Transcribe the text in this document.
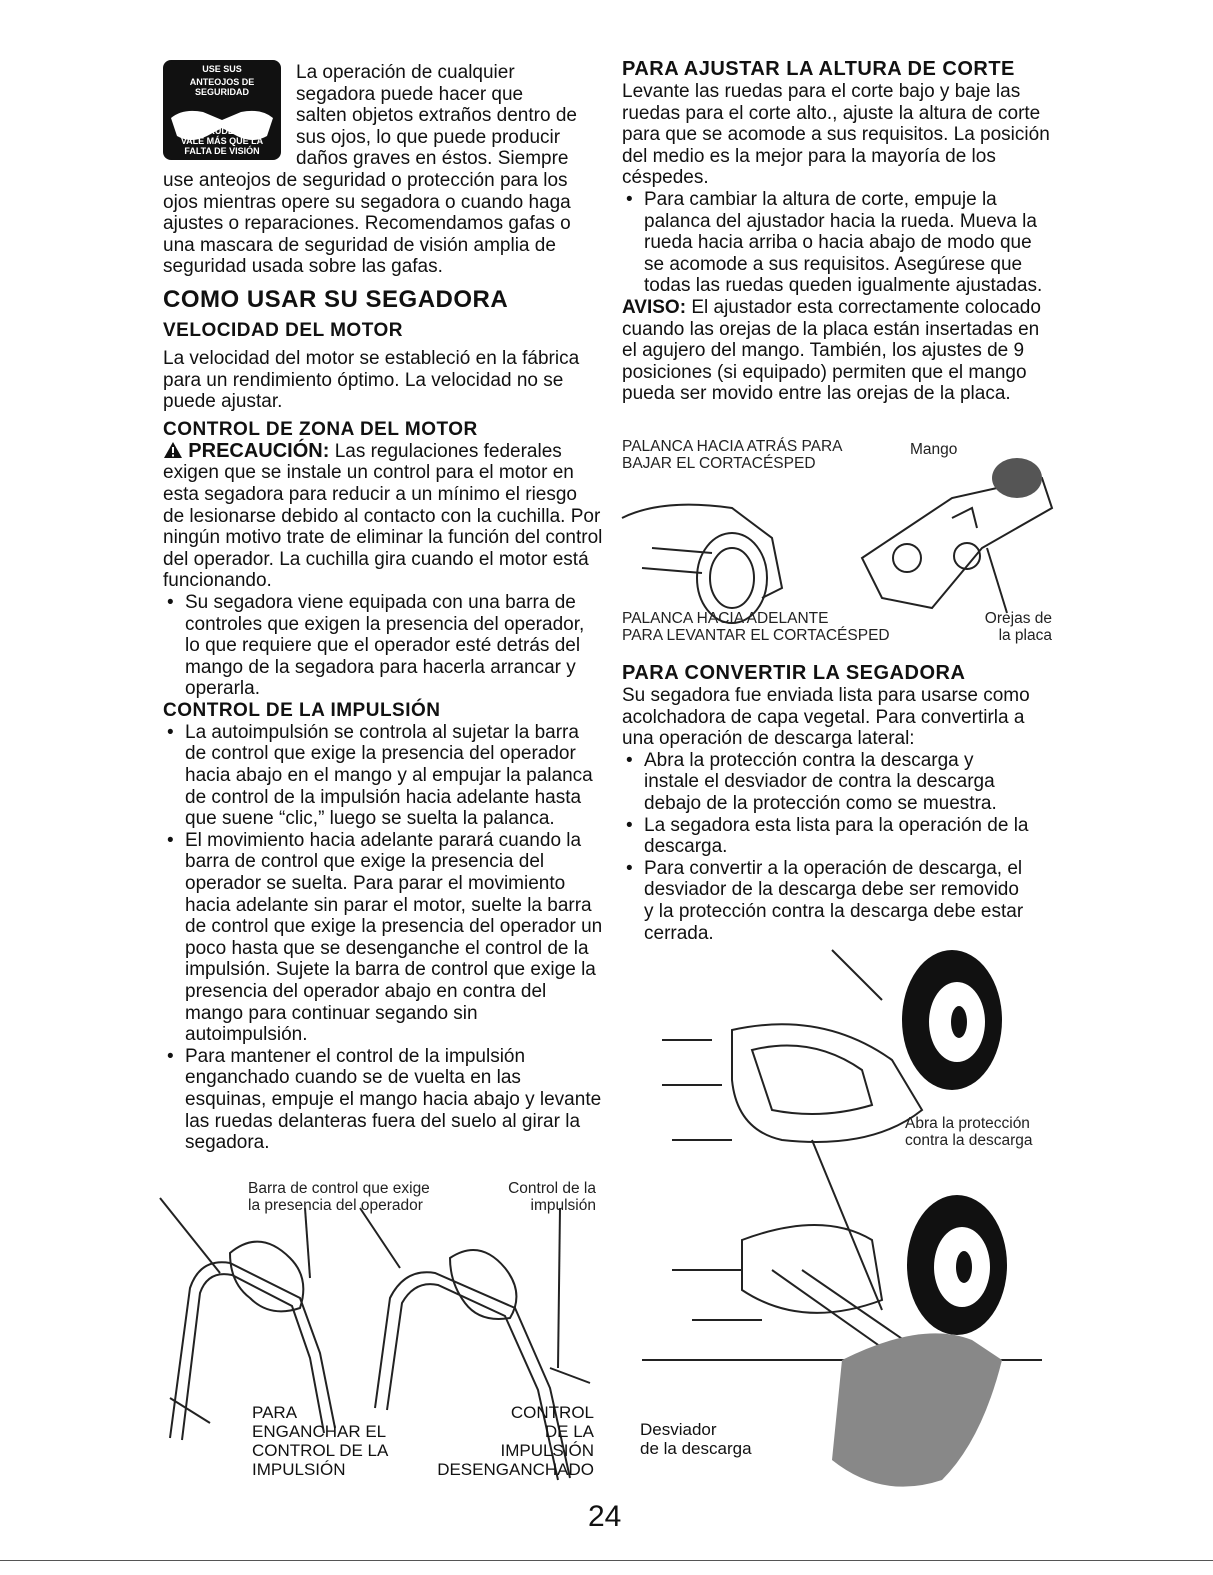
USE SUS
ANTEOJOS DE
SEGURIDAD
LA PRUDENCIA
VALE MÁS QUE LA
FALTA DE VISIÓN
La operación de cualquier
segadora puede hacer que
salten objetos extraños dentro de
sus ojos, lo que puede producir
daños graves en éstos. Siempre

use anteojos de seguridad o protección para los ojos mientras opere su segadora o cuando haga ajustes o reparaciones. Recomendamos gafas o una mascara de seguridad de visión amplia de seguridad usada sobre las gafas.

COMO USAR SU SEGADORA
VELOCIDAD DEL MOTOR

La velocidad del motor se estableció en la fábrica para un rendimiento óptimo. La velocidad no se puede ajustar.

CONTROL DE ZONA DEL MOTOR

PRECAUCIÓN: Las regulaciones federales exigen que se instale un control para el motor en esta segadora para reducir a un mínimo el riesgo de lesionarse debido al contacto con la cuchilla. Por ningún motivo trate de eliminar la función del control del operador. La cuchilla gira cuando el motor está funcionando.

• Su segadora viene equipada con una barra de controles que exigen la presencia del operador, lo que requiere que el operador esté detrás del mango de la segadora para hacerla arrancar y operarla.
CONTROL DE LA IMPULSIÓN
• La autoimpulsión se controla al sujetar la barra de control que exige la presencia del operador hacia abajo en el mango y al empujar la palanca de control de la impulsión hacia adelante hasta que suene “clic,” luego se suelta la palanca.
• El movimiento hacia adelante parará cuando la barra de control que exige la presencia del operador se suelta. Para parar el movimiento hacia adelante sin parar el motor, suelte la barra de control que exige la presencia del operador un poco hasta que se desenganche el control de la impulsión. Sujete la barra de control que exige la presencia del operador abajo en contra del mango para continuar segando sin autoimpulsión.
• Para mantener el control de la impulsión enganchado cuando se de vuelta en las esquinas, empuje el mango hacia abajo y levante las ruedas delanteras fuera del suelo al girar la segadora.
Barra de control que exige
la presencia del operador
Control de la
impulsión
PARA
ENGANCHAR EL
CONTROL DE LA
IMPULSIÓN
CONTROL
DE LA
IMPULSIÓN
DESENGANCHADO
PARA AJUSTAR LA ALTURA DE CORTE

Levante las ruedas para el corte bajo y baje las ruedas para el corte alto., ajuste la altura de corte para que se acomode a sus requisitos. La posición del medio es la mejor para la mayoría de los céspedes.

• Para cambiar la altura de corte, empuje la palanca del ajustador hacia la rueda. Mueva la rueda hacia arriba o hacia abajo de modo que se acomode a sus requisitos. Asegúrese que todas las ruedas queden igualmente ajustadas.

AVISO: El ajustador esta correctamente colocado cuando las orejas de la placa están insertadas en el agujero del mango. También, los ajustes de 9 posiciones (si equipado) permiten que el mango pueda ser movido entre las orejas de la placa.

PALANCA HACIA ATRÁS PARA
BAJAR EL CORTACÉSPED
Mango
PALANCA HACIA ADELANTE
PARA LEVANTAR EL CORTACÉSPED
Orejas de
la placa
PARA CONVERTIR LA SEGADORA

Su segadora fue enviada lista para usarse como acolchadora de capa vegetal. Para convertirla a una operación de descarga lateral:

• Abra la protección contra la descarga y instale el desviador de contra la descarga debajo de la protección como se muestra.
• La segadora esta lista para la operación de la descarga.
• Para convertir a la operación de descarga, el desviador de la descarga debe ser removido y la protección contra la descarga debe estar cerrada.
Abra la protección
contra la descarga
Desviador
de la descarga
24
